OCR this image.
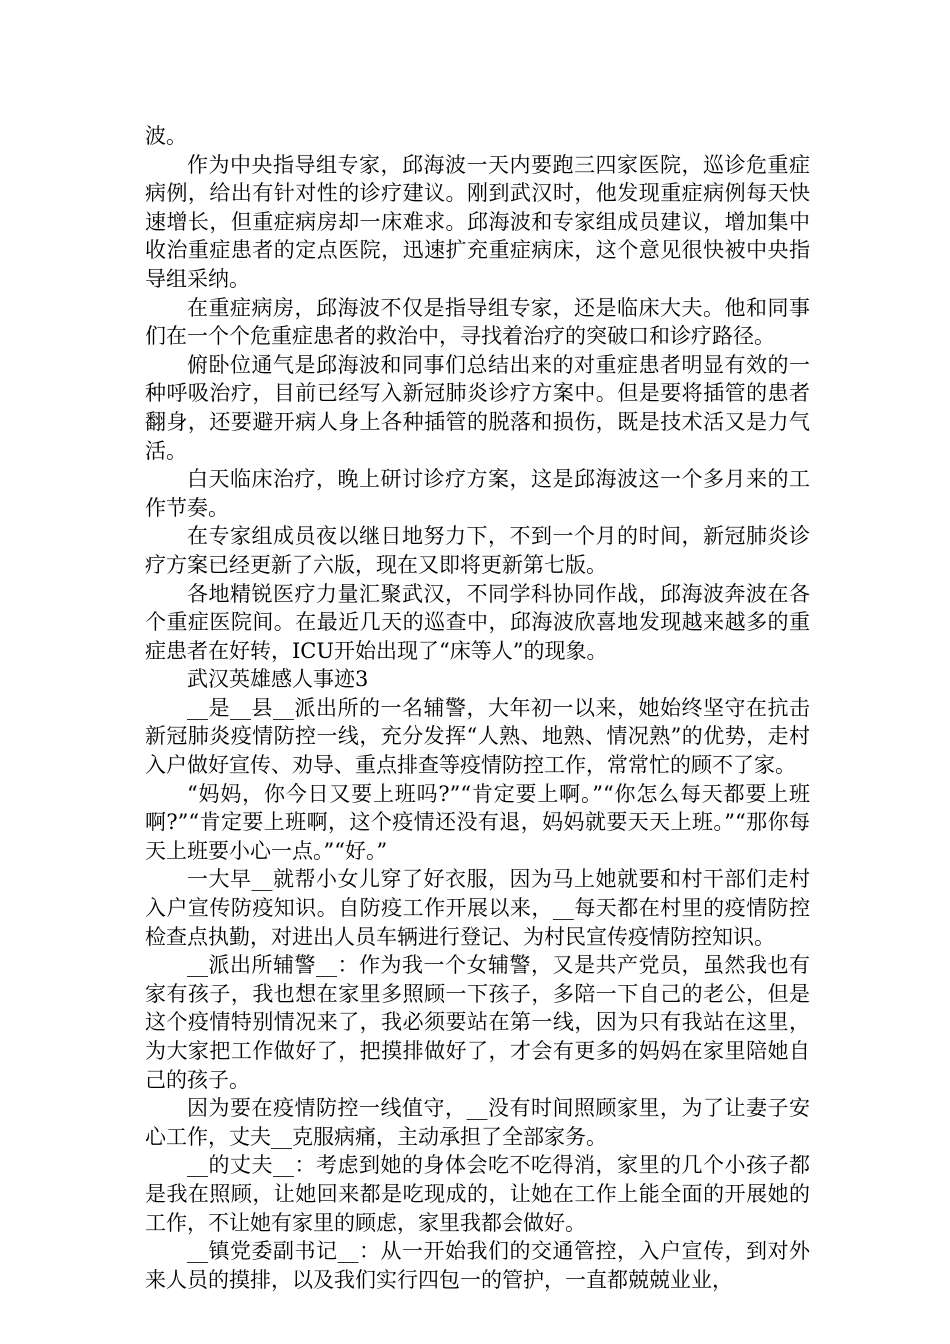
波。

作为中央指导组专家，邱海波一天内要跑三四家医院，巡诊危重症病例，给出有针对性的诊疗建议。刚到武汉时，他发现重症病例每天快速增长，但重症病房却一床难求。邱海波和专家组成员建议，增加集中收治重症患者的定点医院，迅速扩充重症病床，这个意见很快被中央指导组采纳。

在重症病房，邱海波不仅是指导组专家，还是临床大夫。他和同事们在一个个危重症患者的救治中，寻找着治疗的突破口和诊疗路径。

俯卧位通气是邱海波和同事们总结出来的对重症患者明显有效的一种呼吸治疗，目前已经写入新冠肺炎诊疗方案中。但是要将插管的患者翻身，还要避开病人身上各种插管的脱落和损伤，既是技术活又是力气活。

白天临床治疗，晚上研讨诊疗方案，这是邱海波这一个多月来的工作节奏。

在专家组成员夜以继日地努力下，不到一个月的时间，新冠肺炎诊疗方案已经更新了六版，现在又即将更新第七版。

各地精锐医疗力量汇聚武汉，不同学科协同作战，邱海波奔波在各个重症医院间。在最近几天的巡查中，邱海波欣喜地发现越来越多的重症患者在好转，ICU开始出现了“床等人”的现象。

武汉英雄感人事迹3

__是__县__派出所的一名辅警，大年初一以来，她始终坚守在抗击新冠肺炎疫情防控一线，充分发挥“人熟、地熟、情况熟”的优势，走村入户做好宣传、劝导、重点排查等疫情防控工作，常常忙的顾不了家。

“妈妈，你今日又要上班吗?”“肯定要上啊。”“你怎么每天都要上班啊?”“肯定要上班啊，这个疫情还没有退，妈妈就要天天上班。”“那你每天上班要小心一点。”“好。”

一大早__就帮小女儿穿了好衣服，因为马上她就要和村干部们走村入户宣传防疫知识。自防疫工作开展以来，__每天都在村里的疫情防控检查点执勤，对进出人员车辆进行登记、为村民宣传疫情防控知识。

__派出所辅警__：作为我一个女辅警，又是共产党员，虽然我也有家有孩子，我也想在家里多照顾一下孩子，多陪一下自己的老公，但是这个疫情特别情况来了，我必须要站在第一线，因为只有我站在这里，为大家把工作做好了，把摸排做好了，才会有更多的妈妈在家里陪她自己的孩子。

因为要在疫情防控一线值守，__没有时间照顾家里，为了让妻子安心工作，丈夫__克服病痛，主动承担了全部家务。

__的丈夫__：考虑到她的身体会吃不吃得消，家里的几个小孩子都是我在照顾，让她回来都是吃现成的，让她在工作上能全面的开展她的工作，不让她有家里的顾虑，家里我都会做好。

__镇党委副书记__：从一开始我们的交通管控，入户宣传，到对外来人员的摸排，以及我们实行四包一的管护，一直都兢兢业业，
